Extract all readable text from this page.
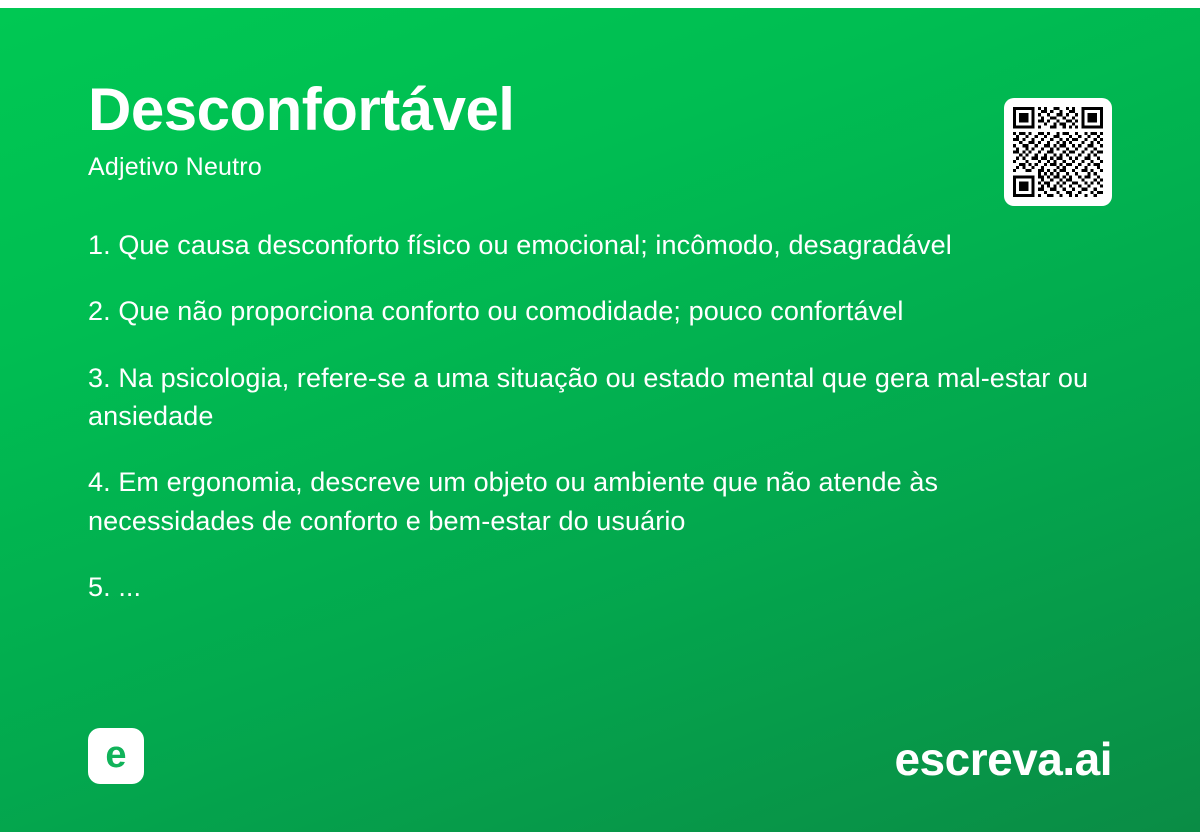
Desconfortável
Adjetivo Neutro
1. Que causa desconforto físico ou emocional; incômodo, desagradável
2. Que não proporciona conforto ou comodidade; pouco confortável
3. Na psicologia, refere-se a uma situação ou estado mental que gera mal-estar ou ansiedade
4. Em ergonomia, descreve um objeto ou ambiente que não atende às necessidades de conforto e bem-estar do usuário
5. ...
e	escreva.ai
